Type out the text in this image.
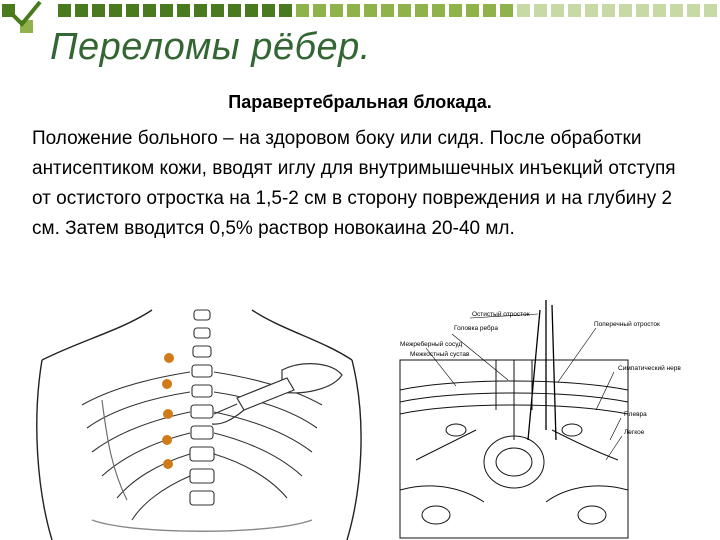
Переломы рёбер.
Паравертебральная блокада.

Положение больного – на здоровом боку или сидя. После обработки антисептиком кожи, вводят иглу для внутримышечных инъекций отступя от остистого отростка на 1,5-2 см в сторону повреждения и на глубину 2 см. Затем вводится 0,5% раствор новокаина 20-40 мл.

Остистый отросток
Головка ребра
Межреберный сосуд
Поперечный отросток
Межкостный сустав
Симпатический нерв
Плевра
Легкое
